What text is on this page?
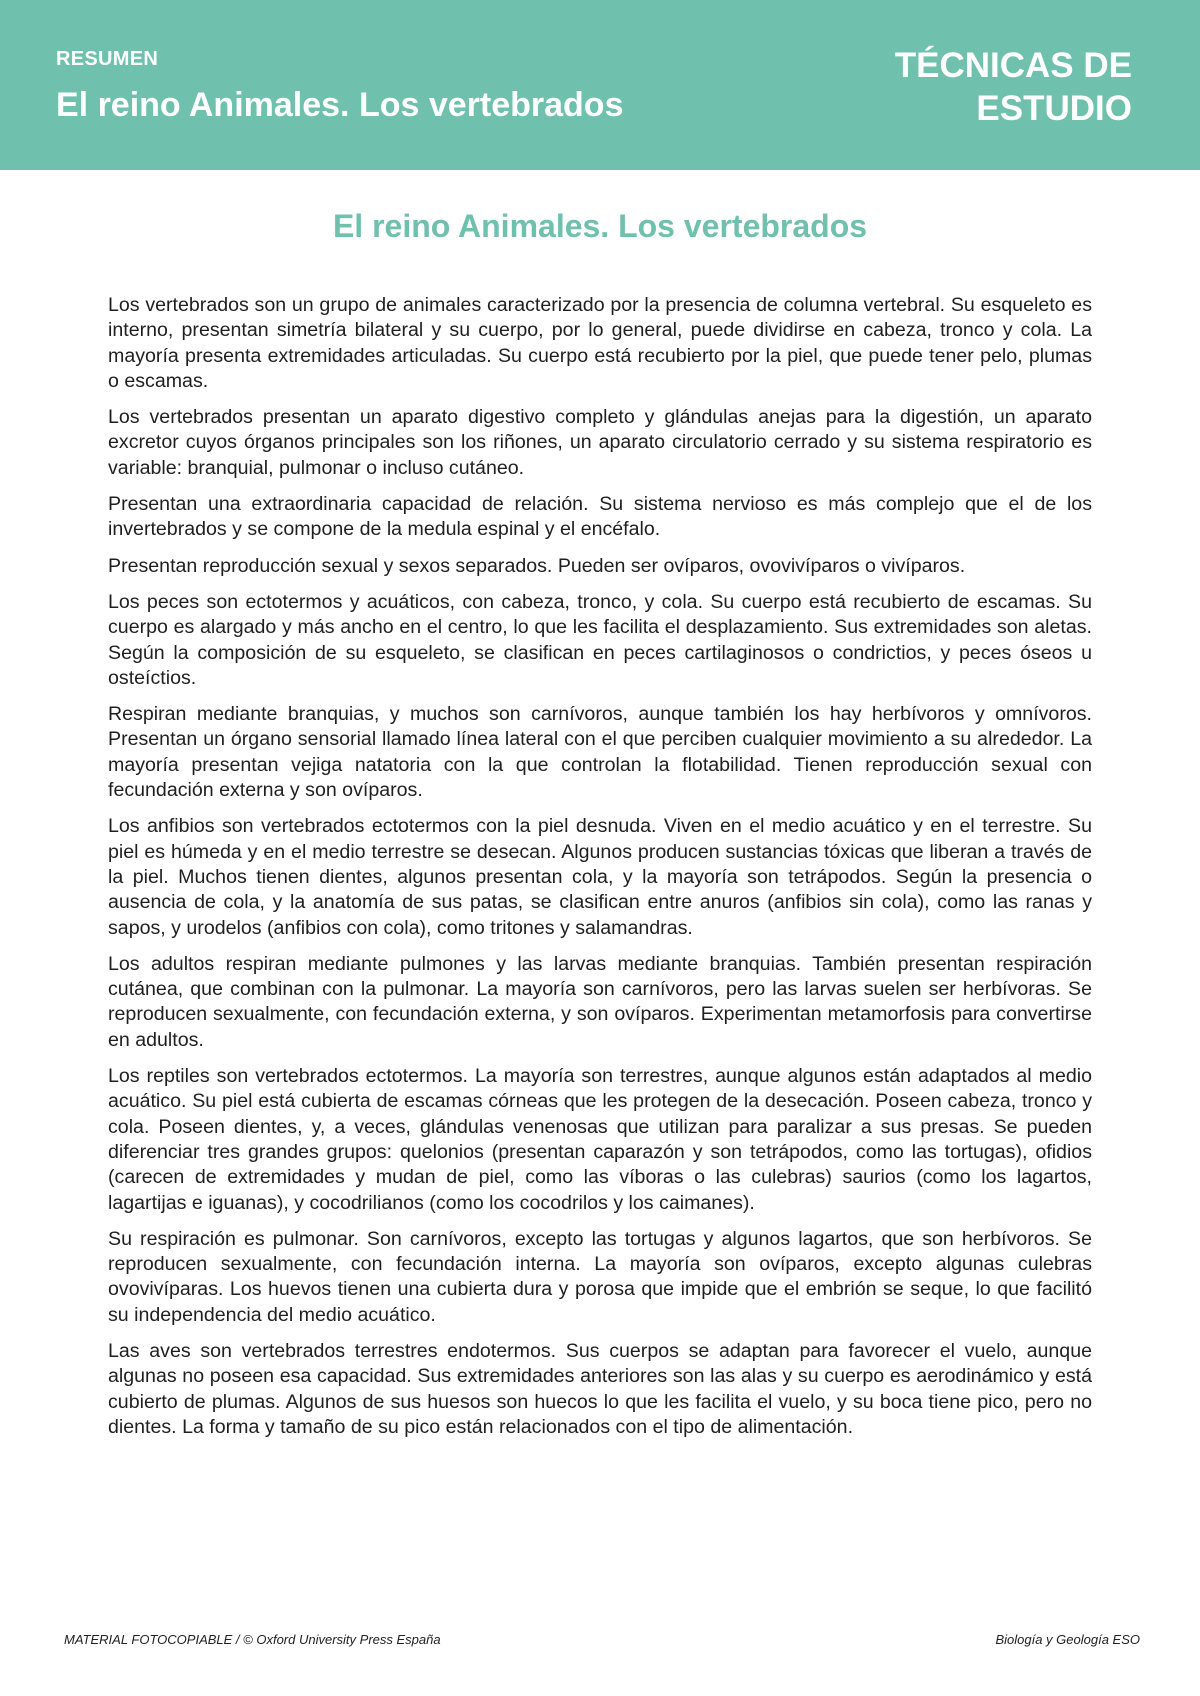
RESUMEN
El reino Animales. Los vertebrados
TÉCNICAS DE
ESTUDIO
El reino Animales. Los vertebrados

Los vertebrados son un grupo de animales caracterizado por la presencia de columna vertebral. Su esqueleto es interno, presentan simetría bilateral y su cuerpo, por lo general, puede dividirse en cabeza, tronco y cola. La mayoría presenta extremidades articuladas. Su cuerpo está recubierto por la piel, que puede tener pelo, plumas o escamas.

Los vertebrados presentan un aparato digestivo completo y glándulas anejas para la digestión, un aparato excretor cuyos órganos principales son los riñones, un aparato circulatorio cerrado y su sistema respiratorio es variable: branquial, pulmonar o incluso cutáneo.

Presentan una extraordinaria capacidad de relación. Su sistema nervioso es más complejo que el de los invertebrados y se compone de la medula espinal y el encéfalo.

Presentan reproducción sexual y sexos separados. Pueden ser ovíparos, ovovivíparos o vivíparos.

Los peces son ectotermos y acuáticos, con cabeza, tronco, y cola. Su cuerpo está recubierto de escamas. Su cuerpo es alargado y más ancho en el centro, lo que les facilita el desplazamiento. Sus extremidades son aletas. Según la composición de su esqueleto, se clasifican en peces cartilaginosos o condrictios, y peces óseos u osteíctios.

Respiran mediante branquias, y muchos son carnívoros, aunque también los hay herbívoros y omnívoros. Presentan un órgano sensorial llamado línea lateral con el que perciben cualquier movimiento a su alrededor. La mayoría presentan vejiga natatoria con la que controlan la flotabilidad. Tienen reproducción sexual con fecundación externa y son ovíparos.

Los anfibios son vertebrados ectotermos con la piel desnuda. Viven en el medio acuático y en el terrestre. Su piel es húmeda y en el medio terrestre se desecan. Algunos producen sustancias tóxicas que liberan a través de la piel. Muchos tienen dientes, algunos presentan cola, y la mayoría son tetrápodos. Según la presencia o ausencia de cola, y la anatomía de sus patas, se clasifican entre anuros (anfibios sin cola), como las ranas y sapos, y urodelos (anfibios con cola), como tritones y salamandras.

Los adultos respiran mediante pulmones y las larvas mediante branquias. También presentan respiración cutánea, que combinan con la pulmonar. La mayoría son carnívoros, pero las larvas suelen ser herbívoras. Se reproducen sexualmente, con fecundación externa, y son ovíparos. Experimentan metamorfosis para convertirse en adultos.

Los reptiles son vertebrados ectotermos. La mayoría son terrestres, aunque algunos están adaptados al medio acuático. Su piel está cubierta de escamas córneas que les protegen de la desecación. Poseen cabeza, tronco y cola. Poseen dientes, y, a veces, glándulas venenosas que utilizan para paralizar a sus presas. Se pueden diferenciar tres grandes grupos: quelonios (presentan caparazón y son tetrápodos, como las tortugas), ofidios (carecen de extremidades y mudan de piel, como las víboras o las culebras) saurios (como los lagartos, lagartijas e iguanas), y cocodrilianos (como los cocodrilos y los caimanes).

Su respiración es pulmonar. Son carnívoros, excepto las tortugas y algunos lagartos, que son herbívoros. Se reproducen sexualmente, con fecundación interna. La mayoría son ovíparos, excepto algunas culebras ovovivíparas. Los huevos tienen una cubierta dura y porosa que impide que el embrión se seque, lo que facilitó su independencia del medio acuático.

Las aves son vertebrados terrestres endotermos. Sus cuerpos se adaptan para favorecer el vuelo, aunque algunas no poseen esa capacidad. Sus extremidades anteriores son las alas y su cuerpo es aerodinámico y está cubierto de plumas. Algunos de sus huesos son huecos lo que les facilita el vuelo, y su boca tiene pico, pero no dientes. La forma y tamaño de su pico están relacionados con el tipo de alimentación.

MATERIAL FOTOCOPIABLE / © Oxford University Press España	Biología y Geología ESO
